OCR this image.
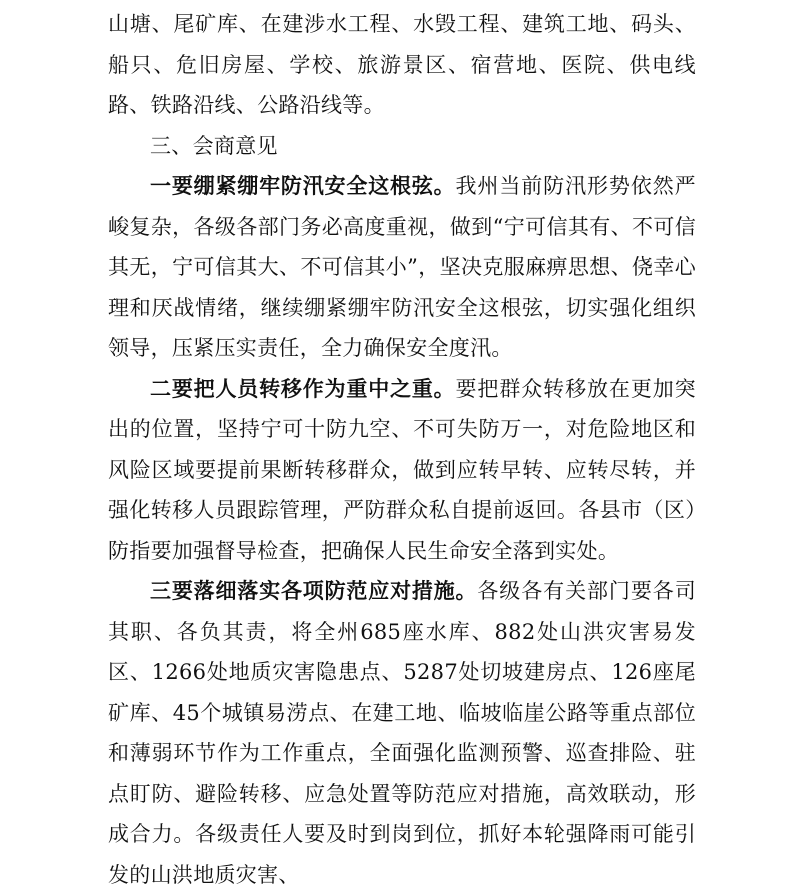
山塘、尾矿库、在建涉水工程、水毁工程、建筑工地、码头、船只、危旧房屋、学校、旅游景区、宿营地、医院、供电线路、铁路沿线、公路沿线等。

三、会商意见

一要绷紧绷牢防汛安全这根弦。我州当前防汛形势依然严峻复杂，各级各部门务必高度重视，做到“宁可信其有、不可信其无，宁可信其大、不可信其小”，坚决克服麻痹思想、侥幸心理和厌战情绪，继续绷紧绷牢防汛安全这根弦，切实强化组织领导，压紧压实责任，全力确保安全度汛。

二要把人员转移作为重中之重。要把群众转移放在更加突出的位置，坚持宁可十防九空、不可失防万一，对危险地区和风险区域要提前果断转移群众，做到应转早转、应转尽转，并强化转移人员跟踪管理，严防群众私自提前返回。各县市（区）防指要加强督导检查，把确保人民生命安全落到实处。

三要落细落实各项防范应对措施。各级各有关部门要各司其职、各负其责，将全州685座水库、882处山洪灾害易发区、1266处地质灾害隐患点、5287处切坡建房点、126座尾矿库、45个城镇易涝点、在建工地、临坡临崖公路等重点部位和薄弱环节作为工作重点，全面强化监测预警、巡查排险、驻点盯防、避险转移、应急处置等防范应对措施，高效联动，形成合力。各级责任人要及时到岗到位，抓好本轮强降雨可能引发的山洪地质灾害、
